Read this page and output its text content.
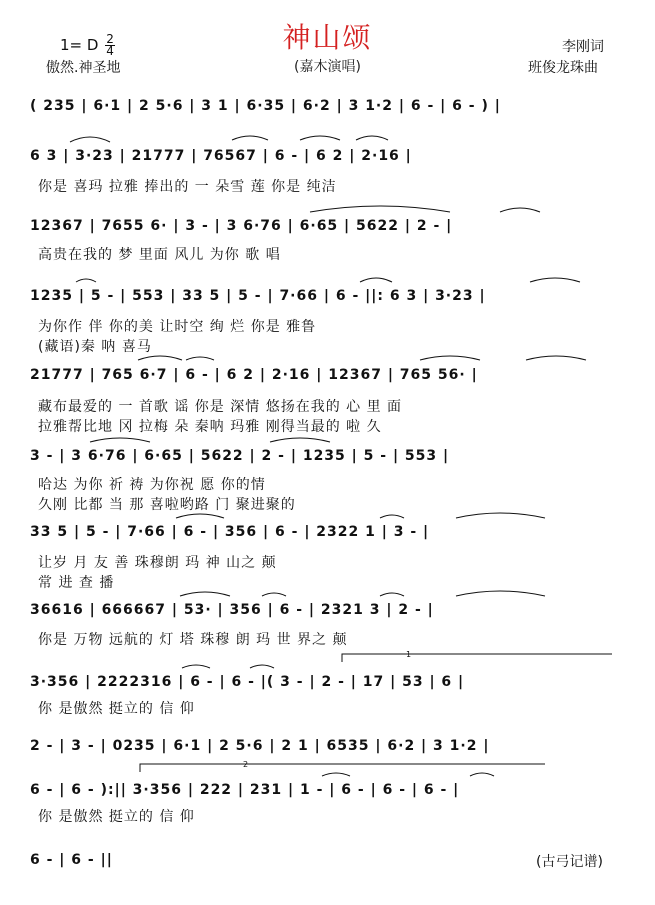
神山颂
(嘉木演唱)
1= D $\frac{2}{4}$
傲然.神圣地
李刚词
班俊龙珠曲
( 235 | 6·1 | 2 5·6 | 3 1 | 6·35 | 6·2 | 3 1·2 | 6 - | 6 - ) |
6 3 | 3·23 | 21777 | 76567 | 6 - | 6 2 | 2·16 |
你是 喜玛 拉雅 捧出的 一 朵雪 莲 你是 纯洁
12367 | 7655 6· | 3 - | 3 6·76 | 6·65 | 5622 | 2 - |
高贵在我的 梦 里面 风儿 为你 歌 唱
1235 | 5 - | 553 | 33 5 | 5 - | 7·66 | 6 - ||: 6 3 | 3·23 |
为你作 伴 你的美 让时空 绚 烂 你是 雅鲁
(藏语)秦 呐 喜马
21777 | 765 6·7 | 6 - | 6 2 | 2·16 | 12367 | 765 56· |
藏布最爱的 一 首歌 谣 你是 深情 悠扬在我的 心 里 面
拉雅帮比地 冈 拉梅 朵 秦呐 玛雅 刚得当最的 啦 久
3 - | 3 6·76 | 6·65 | 5622 | 2 - | 1235 | 5 - | 553 |
哈达 为你 祈 祷 为你祝 愿 你的情
久刚 比都 当 那 喜啦哟路 门 聚进聚的
33 5 | 5 - | 7·66 | 6 - | 356 | 6 - | 2322 1 | 3 - |
让岁 月 友 善 珠穆朗 玛 神 山之 颠
常 进 查 播
36616 | 666667 | 53· | 356 | 6 - | 2321 3 | 2 - |
你是 万物 远航的 灯 塔 珠穆 朗 玛 世 界之 颠
3·356 | 2222316 | 6 - | 6 - |( 3 - | 2 - | 17 | 53 | 6 |
你 是傲然 挺立的 信 仰
2 - | 3 - | 0235 | 6·1 | 2 5·6 | 2 1 | 6535 | 6·2 | 3 1·2 |
6 - | 6 - ):|| 3·356 | 222 | 231 | 1 - | 6 - | 6 - | 6 - |
你 是傲然 挺立的 信 仰
6 - | 6 - ||
1
2
(古弓记谱)
